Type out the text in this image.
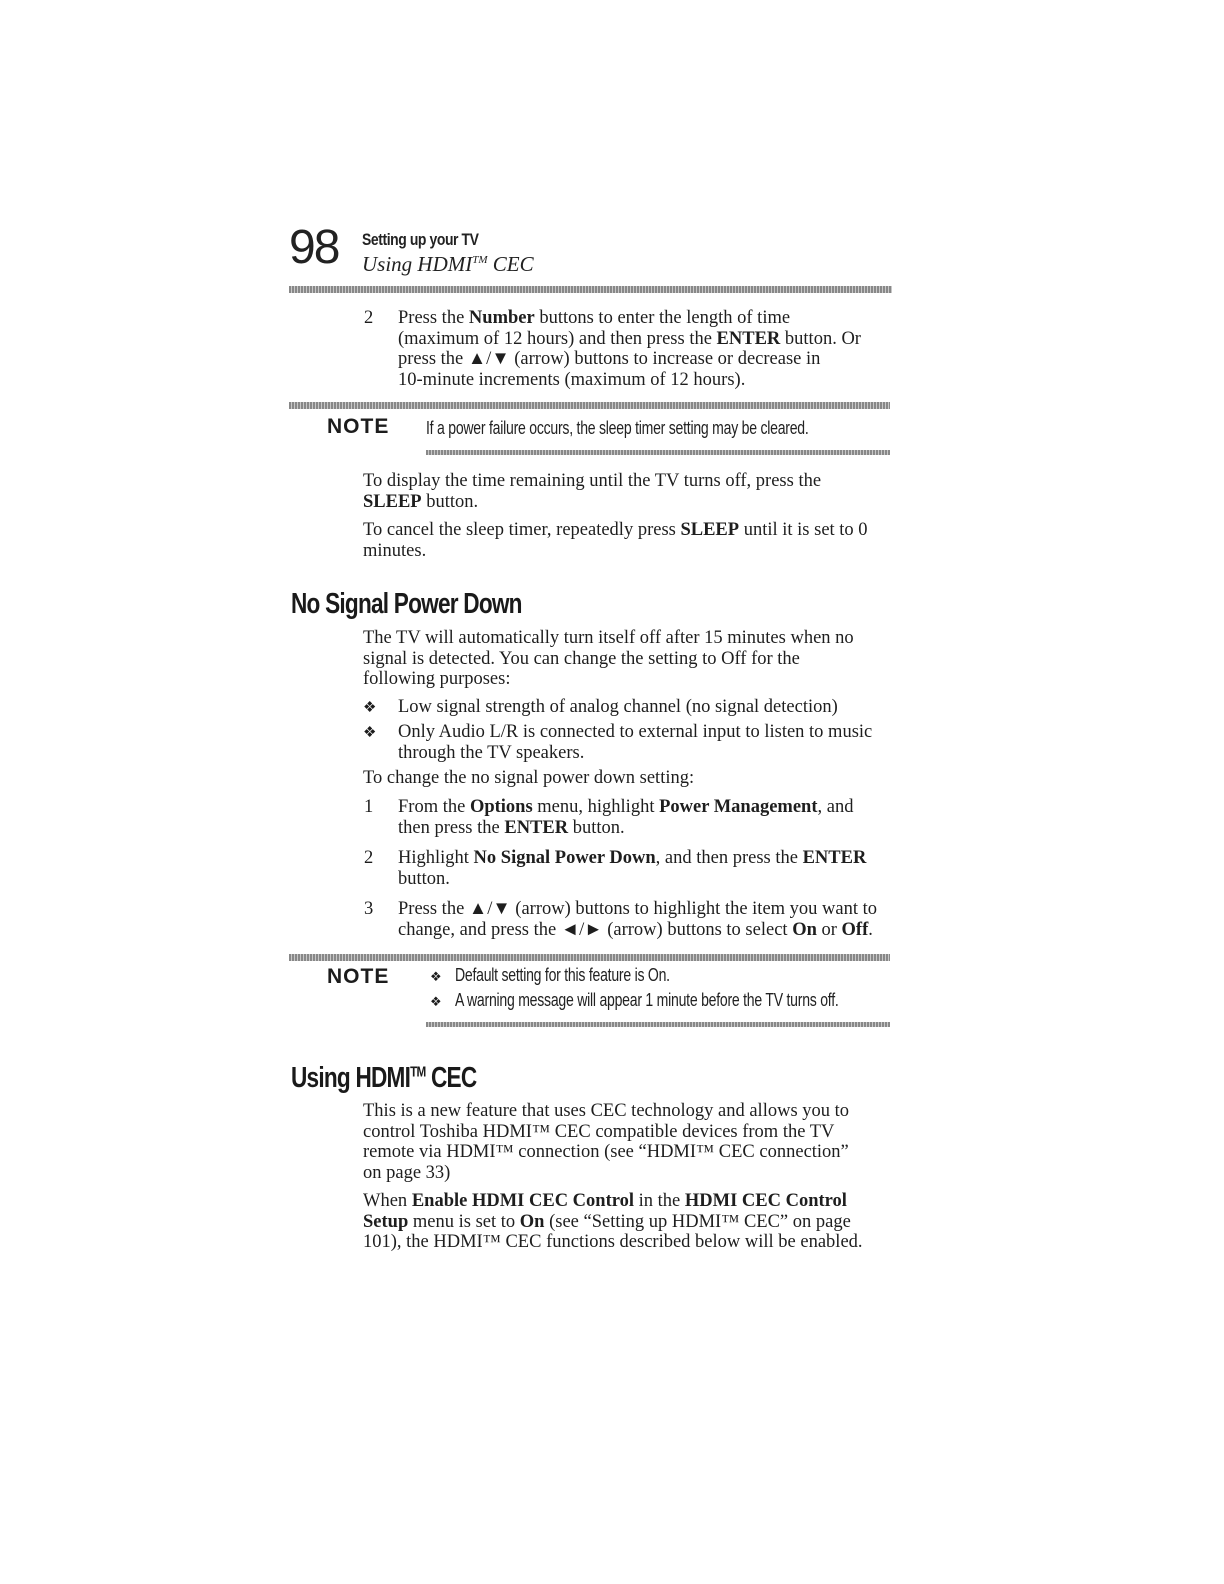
98 Setting up your TV
Using HDMI™ CEC
2 Press the Number buttons to enter the length of time
(maximum of 12 hours) and then press the ENTER button. Or
press the ▲/▼ (arrow) buttons to increase or decrease in
10-minute increments (maximum of 12 hours).
NOTE If a power failure occurs, the sleep timer setting may be cleared.
To display the time remaining until the TV turns off, press the
SLEEP button.
To cancel the sleep timer, repeatedly press SLEEP until it is set to 0
minutes.
No Signal Power Down
The TV will automatically turn itself off after 15 minutes when no
signal is detected. You can change the setting to Off for the
following purposes:
❖ Low signal strength of analog channel (no signal detection)
❖ Only Audio L/R is connected to external input to listen to music
through the TV speakers.
To change the no signal power down setting:
1 From the Options menu, highlight Power Management, and
then press the ENTER button.
2 Highlight No Signal Power Down, and then press the ENTER
button.
3 Press the ▲/▼ (arrow) buttons to highlight the item you want to
change, and press the ◄/► (arrow) buttons to select On or Off.
NOTE	❖ Default setting for this feature is On.
❖ A warning message will appear 1 minute before the TV turns off.
Using HDMI™ CEC
This is a new feature that uses CEC technology and allows you to
control Toshiba HDMI™ CEC compatible devices from the TV
remote via HDMI™ connection (see “HDMI™ CEC connection”
on page 33)
When Enable HDMI CEC Control in the HDMI CEC Control
Setup menu is set to On (see “Setting up HDMI™ CEC” on page
101), the HDMI™ CEC functions described below will be enabled.
